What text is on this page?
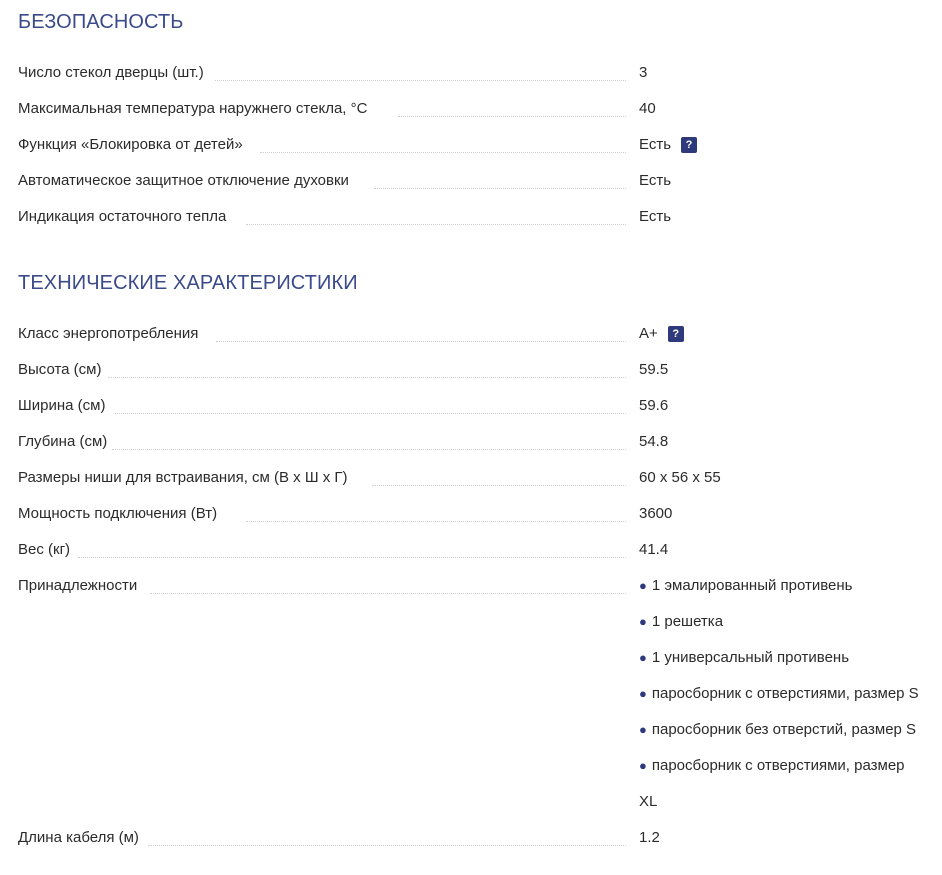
БЕЗОПАСНОСТЬ
Число стекол дверцы (шт.)	3
Максимальная температура наружнего стекла, °C	40
Функция «Блокировка от детей»	Есть ?
Автоматическое защитное отключение духовки	Есть
Индикация остаточного тепла	Есть
ТЕХНИЧЕСКИЕ ХАРАКТЕРИСТИКИ
Класс энергопотребления	A+ ?
Высота (см)	59.5
Ширина (см)	59.6
Глубина (см)	54.8
Размеры ниши для встраивания, см (В x Ш x Г)	60 x 56 x 55
Мощность подключения (Вт)	3600
Вес (кг)	41.4
Принадлежности	● 1 эмалированный противень
● 1 решетка
● 1 универсальный противень
● паросборник с отверстиями, размер S
● паросборник без отверстий, размер S
● паросборник с отверстиями, размер
XL
Длина кабеля (м)	1.2
